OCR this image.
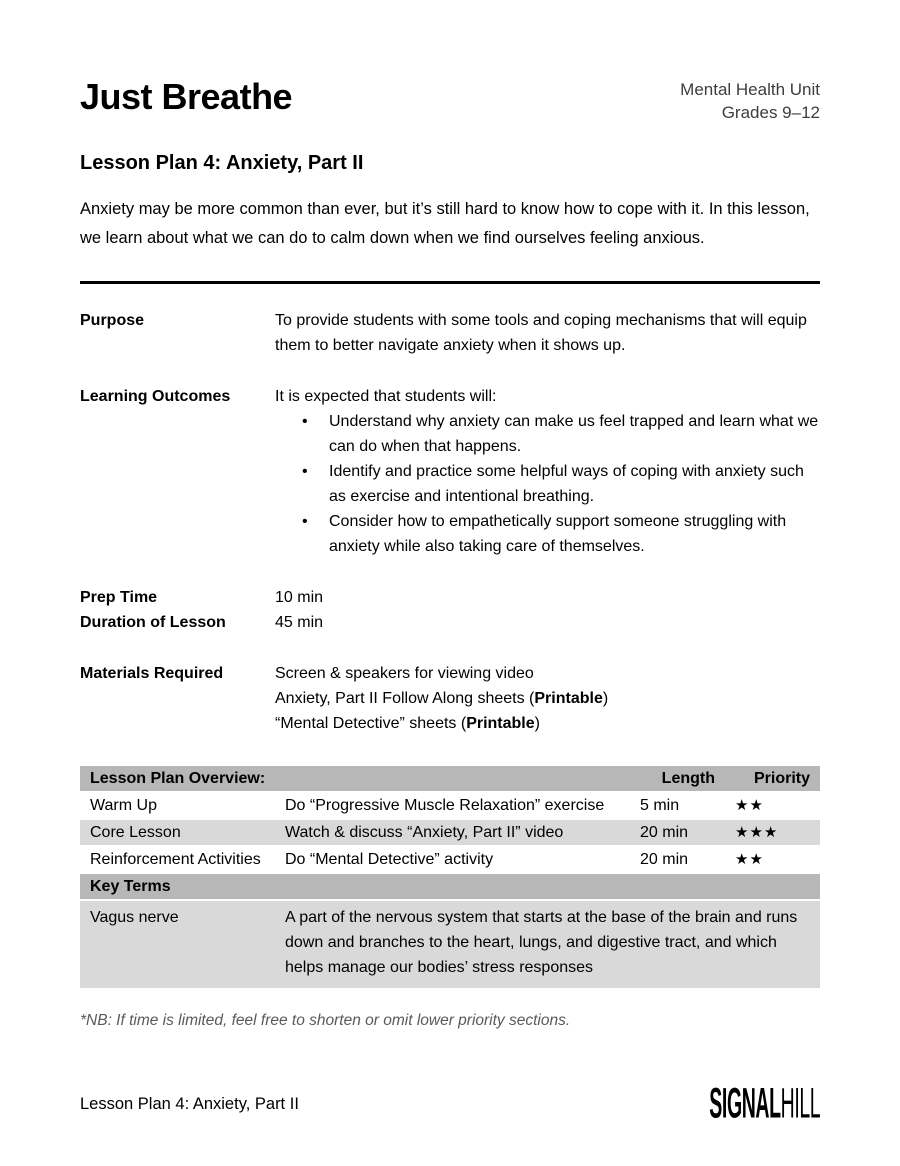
Just Breathe	Mental Health Unit
Grades 9–12
Lesson Plan 4: Anxiety, Part II
Anxiety may be more common than ever, but it’s still hard to know how to cope with it. In this lesson, we learn about what we can do to calm down when we find ourselves feeling anxious.
Purpose	To provide students with some tools and coping mechanisms that will equip them to better navigate anxiety when it shows up.
Learning Outcomes	It is expected that students will:
•	Understand why anxiety can make us feel trapped and learn what we can do when that happens.
•	Identify and practice some helpful ways of coping with anxiety such as exercise and intentional breathing.
•	Consider how to empathetically support someone struggling with anxiety while also taking care of themselves.
Prep Time	10 min
Duration of Lesson	45 min
Materials Required	Screen & speakers for viewing video
Anxiety, Part II Follow Along sheets (Printable)
“Mental Detective” sheets (Printable)
Lesson Plan Overview:		Length	Priority
Warm Up	Do “Progressive Muscle Relaxation” exercise	5 min	★★
Core Lesson	Watch & discuss “Anxiety, Part II” video	20 min	★★★
Reinforcement Activities	Do “Mental Detective” activity	20 min	★★
Key Terms			
Vagus nerve	A part of the nervous system that starts at the base of the brain and runs down and branches to the heart, lungs, and digestive tract, and which helps manage our bodies’ stress responses		
*NB: If time is limited, feel free to shorten or omit lower priority sections.
Lesson Plan 4: Anxiety, Part II	SIGNALHILL
